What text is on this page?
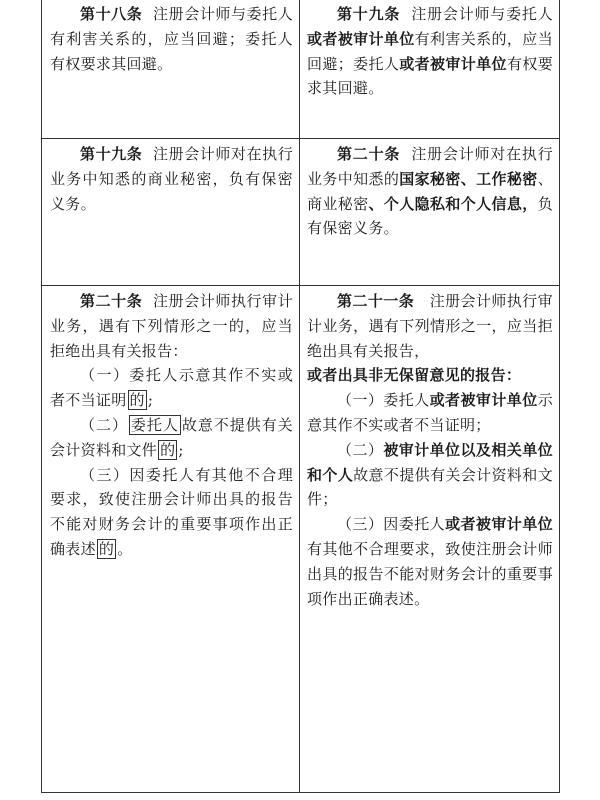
第十八条 注册会计师与委托人有利害关系的，应当回避；委托人有权要求其回避。

第十九条 注册会计师与委托人或者被审计单位有利害关系的，应当回避；委托人或者被审计单位有权要求其回避。

第十九条 注册会计师对在执行业务中知悉的商业秘密，负有保密义务。

第二十条 注册会计师对在执行业务中知悉的国家秘密、工作秘密、商业秘密、个人隐私和个人信息，负有保密义务。

第二十条 注册会计师执行审计业务，遇有下列情形之一的，应当拒绝出具有关报告：

（一）委托人示意其作不实或者不当证明 的 ;

（二） 委托人 故意不提供有关会计资料和文件 的 ;

（三）因委托人有其他不合理要求，致使注册会计师出具的报告不能对财务会计的重要事项作出正确表述 的 。

第二十一条 注册会计师执行审计业务，遇有下列情形之一，应当拒绝出具有关报告，
或者出具非无保留意见的报告：

（一）委托人或者被审计单位示意其作不实或者不当证明；

（二）被审计单位以及相关单位和个人故意不提供有关会计资料和文件；

（三）因委托人或者被审计单位有其他不合理要求，致使注册会计师出具的报告不能对财务会计的重要事项作出正确表述。
